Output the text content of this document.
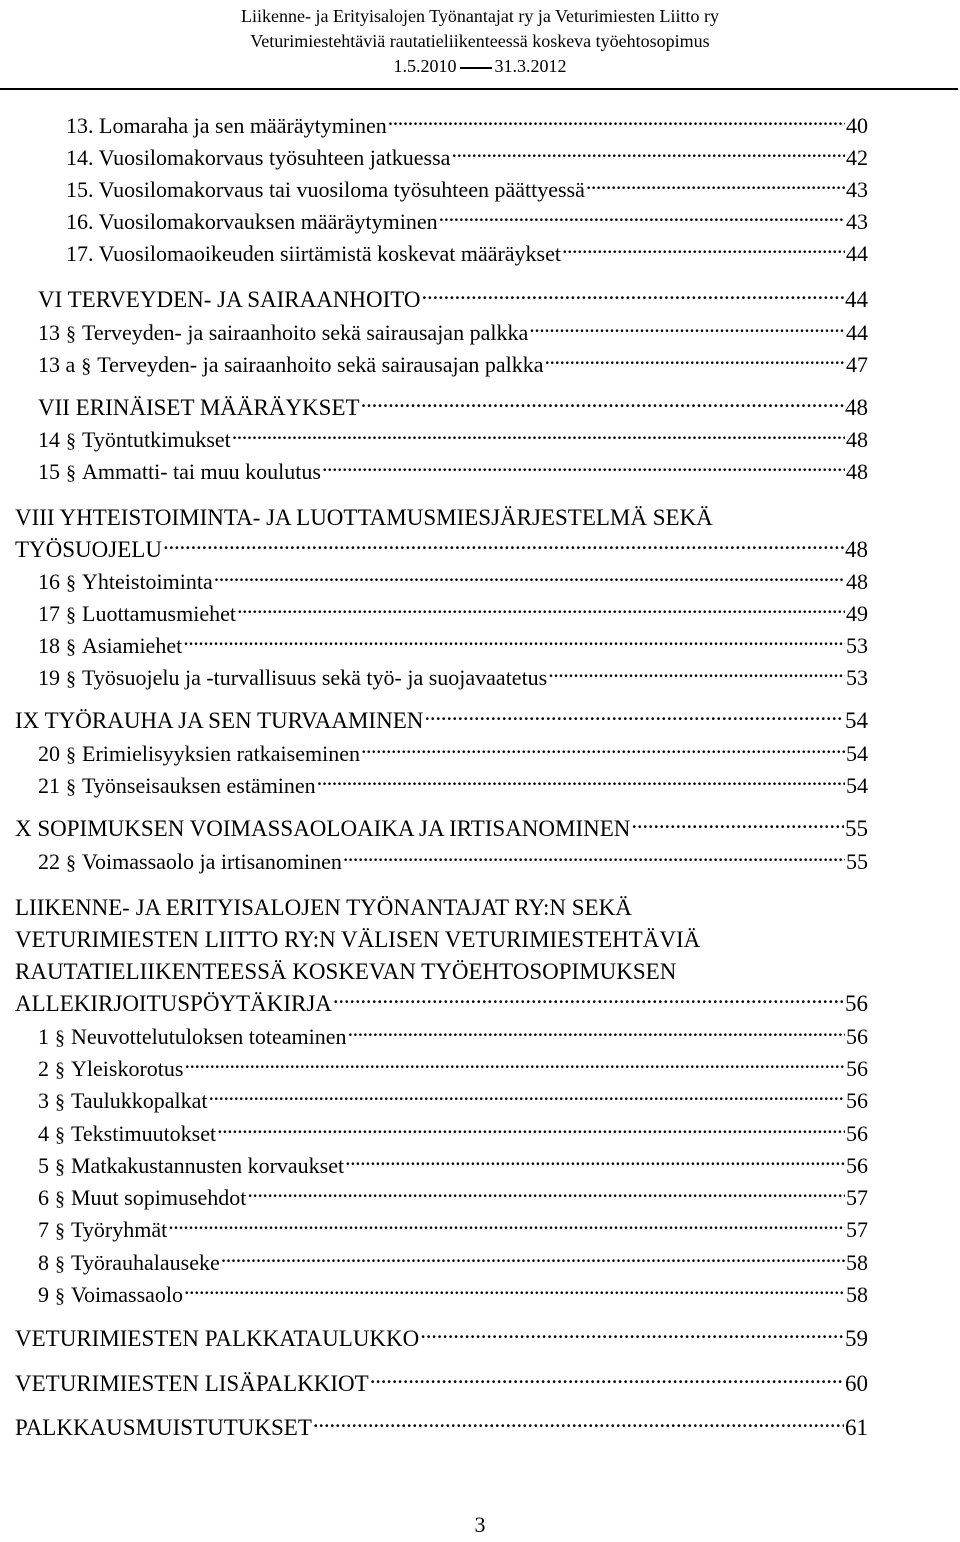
Liikenne- ja Erityisalojen Työnantajat ry ja Veturimiesten Liitto ry
Veturimiestehtäviä rautatieliikenteessä koskeva työehtosopimus
1.5.2010 31.3.2012
13. Lomaraha ja sen määräytyminen . . .	40
14. Vuosilomakorvaus työsuhteen jatkuessa . . .	42
15. Vuosilomakorvaus tai vuosiloma työsuhteen päättyessä . . .	43
16. Vuosilomakorvauksen määräytyminen . . .	43
17. Vuosilomaoikeuden siirtämistä koskevat määräykset . . .	44
VI TERVEYDEN- JA SAIRAANHOITO . . .	44
13 § Terveyden- ja sairaanhoito sekä sairausajan palkka . . .	44
13 a § Terveyden- ja sairaanhoito sekä sairausajan palkka . . .	47
VII ERINÄISET MÄÄRÄYKSET . . .	48
14 § Työntutkimukset . . .	48
15 § Ammatti- tai muu koulutus . . .	48
VIII YHTEISTOIMINTA- JA LUOTTAMUSMIESJÄRJESTELMÄ SEKÄ
TYÖSUOJELU . . .	48
16 § Yhteistoiminta . . .	48
17 § Luottamusmiehet . . .	49
18 § Asiamiehet . . .	53
19 § Työsuojelu ja -turvallisuus sekä työ- ja suojavaatetus . . .	53
IX TYÖRAUHA JA SEN TURVAAMINEN . . .	54
20 § Erimielisyyksien ratkaiseminen . . .	54
21 § Työnseisauksen estäminen . . .	54
X SOPIMUKSEN VOIMASSAOLOAIKA JA IRTISANOMINEN . . .	55
22 § Voimassaolo ja irtisanominen . . .	55
LIIKENNE- JA ERITYISALOJEN TYÖNANTAJAT RY:N SEKÄ
VETURIMIESTEN LIITTO RY:N VÄLISEN VETURIMIESTEHTÄVIÄ
RAUTATIELIIKENTEESSÄ KOSKEVAN TYÖEHTOSOPIMUKSEN
ALLEKIRJOITUSPÖYTÄKIRJA . . .	56
1 § Neuvottelutuloksen toteaminen . . .	56
2 § Yleiskorotus . . .	56
3 § Taulukkopalkat . . .	56
4 § Tekstimuutokset . . .	56
5 § Matkakustannusten korvaukset . . .	56
6 § Muut sopimusehdot . . .	57
7 § Työryhmät . . .	57
8 § Työrauhalauseke . . .	58
9 § Voimassaolo . . .	58
VETURIMIESTEN PALKKATAULUKKO . . .	59
VETURIMIESTEN LISÄPALKKIOT . . .	60
PALKKAUSMUISTUTUKSET . . .	61
3
